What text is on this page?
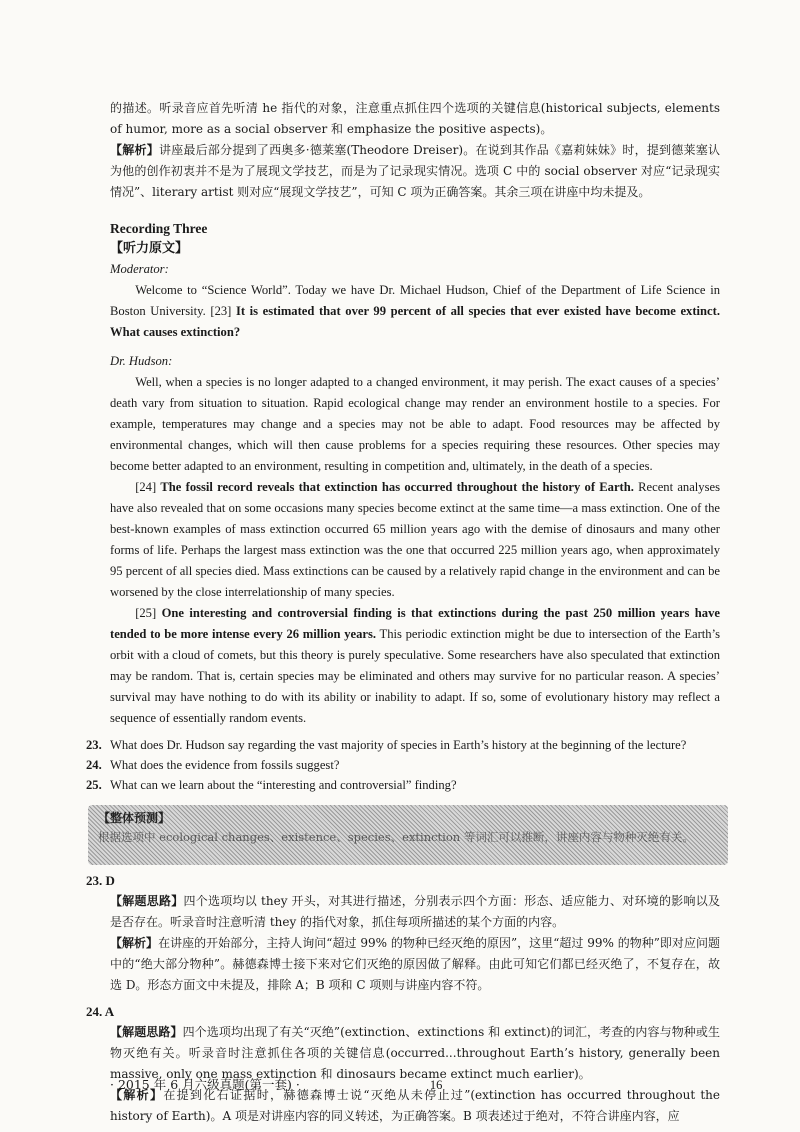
的描述。听录音应首先听清 he 指代的对象，注意重点抓住四个选项的关键信息(historical subjects, elements of humor, more as a social observer 和 emphasize the positive aspects)。

【解析】讲座最后部分提到了西奥多·德莱塞(Theodore Dreiser)。在说到其作品《嘉莉妹妹》时，提到德莱塞认为他的创作初衷并不是为了展现文学技艺，而是为了记录现实情况。选项 C 中的 social observer 对应“记录现实情况”、literary artist 则对应“展现文学技艺”，可知 C 项为正确答案。其余三项在讲座中均未提及。

Recording Three
【听力原文】
Moderator:

Welcome to “Science World”. Today we have Dr. Michael Hudson, Chief of the Department of Life Science in Boston University. [23] It is estimated that over 99 percent of all species that ever existed have become extinct. What causes extinction?

Dr. Hudson:

Well, when a species is no longer adapted to a changed environment, it may perish. The exact causes of a species’ death vary from situation to situation. Rapid ecological change may render an environment hostile to a species. For example, temperatures may change and a species may not be able to adapt. Food resources may be affected by environmental changes, which will then cause problems for a species requiring these resources. Other species may become better adapted to an environment, resulting in competition and, ultimately, in the death of a species.

[24] The fossil record reveals that extinction has occurred throughout the history of Earth. Recent analyses have also revealed that on some occasions many species become extinct at the same time—a mass extinction. One of the best-known examples of mass extinction occurred 65 million years ago with the demise of dinosaurs and many other forms of life. Perhaps the largest mass extinction was the one that occurred 225 million years ago, when approximately 95 percent of all species died. Mass extinctions can be caused by a relatively rapid change in the environment and can be worsened by the close interrelationship of many species.

[25] One interesting and controversial finding is that extinctions during the past 250 million years have tended to be more intense every 26 million years. This periodic extinction might be due to intersection of the Earth’s orbit with a cloud of comets, but this theory is purely speculative. Some researchers have also speculated that extinction may be random. That is, certain species may be eliminated and others may survive for no particular reason. A species’ survival may have nothing to do with its ability or inability to adapt. If so, some of evolutionary history may reflect a sequence of essentially random events.

23. What does Dr. Hudson say regarding the vast majority of species in Earth’s history at the beginning of the lecture?
24. What does the evidence from fossils suggest?
25. What can we learn about the “interesting and controversial” finding?
【整体预测】
根据选项中 ecological changes、existence、species、extinction 等词汇可以推断，讲座内容与物种灭绝有关。
23. D

【解题思路】四个选项均以 they 开头，对其进行描述，分别表示四个方面：形态、适应能力、对环境的影响以及是否存在。听录音时注意听清 they 的指代对象，抓住每项所描述的某个方面的内容。

【解析】在讲座的开始部分，主持人询问“超过 99% 的物种已经灭绝的原因”，这里“超过 99% 的物种”即对应问题中的“绝大部分物种”。赫德森博士接下来对它们灭绝的原因做了解释。由此可知它们都已经灭绝了，不复存在，故选 D。形态方面文中未提及，排除 A；B 项和 C 项则与讲座内容不符。

24. A

【解题思路】四个选项均出现了有关“灭绝”(extinction、extinctions 和 extinct)的词汇，考查的内容与物种或生物灭绝有关。听录音时注意抓住各项的关键信息(occurred...throughout Earth’s history, generally been massive, only one mass extinction 和 dinosaurs became extinct much earlier)。

【解析】在提到化石证据时，赫德森博士说“灭绝从未停止过”(extinction has occurred throughout the history of Earth)。A 项是对讲座内容的同义转述，为正确答案。B 项表述过于绝对，不符合讲座内容，应

· 2015 年 6 月六级真题(第一套) ·	16
